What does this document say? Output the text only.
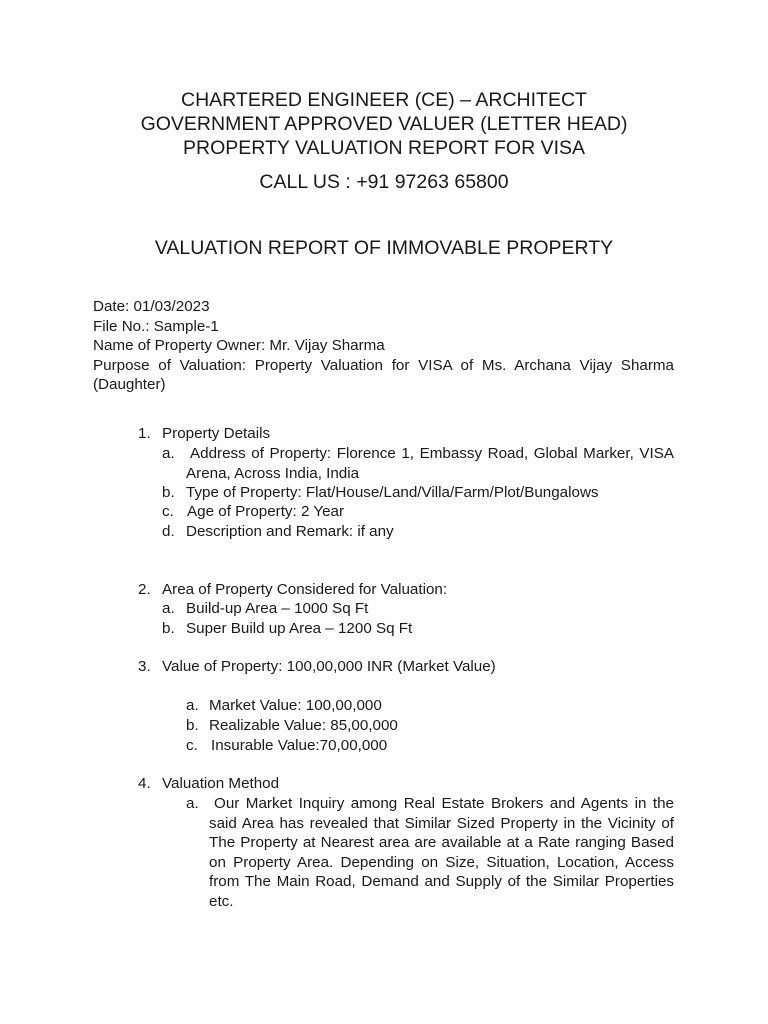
CHARTERED ENGINEER (CE) – ARCHITECT
GOVERNMENT APPROVED VALUER (LETTER HEAD)
PROPERTY VALUATION REPORT FOR VISA
CALL US : +91 97263 65800
VALUATION REPORT OF IMMOVABLE PROPERTY

Date: 01/03/2023

File No.: Sample-1

Name of Property Owner: Mr. Vijay Sharma

Purpose of Valuation: Property Valuation for VISA of Ms. Archana Vijay Sharma (Daughter)

1. Property Details
a. Address of Property: Florence 1, Embassy Road, Global Marker, VISA Arena, Across India, India
b. Type of Property: Flat/House/Land/Villa/Farm/Plot/Bungalows
c. Age of Property: 2 Year
d. Description and Remark: if any
2. Area of Property Considered for Valuation:
a. Build-up Area – 1000 Sq Ft
b. Super Build up Area – 1200 Sq Ft
3. Value of Property: 100,00,000 INR (Market Value)
a. Market Value: 100,00,000
b. Realizable Value: 85,00,000
c. Insurable Value:70,00,000
4. Valuation Method
a.	Our Market Inquiry among Real Estate Brokers and Agents in the said Area has revealed that Similar Sized Property in the Vicinity of The Property at Nearest area are available at a Rate ranging Based on Property Area. Depending on Size, Situation, Location, Access from The Main Road, Demand and Supply of the Similar Properties etc.
